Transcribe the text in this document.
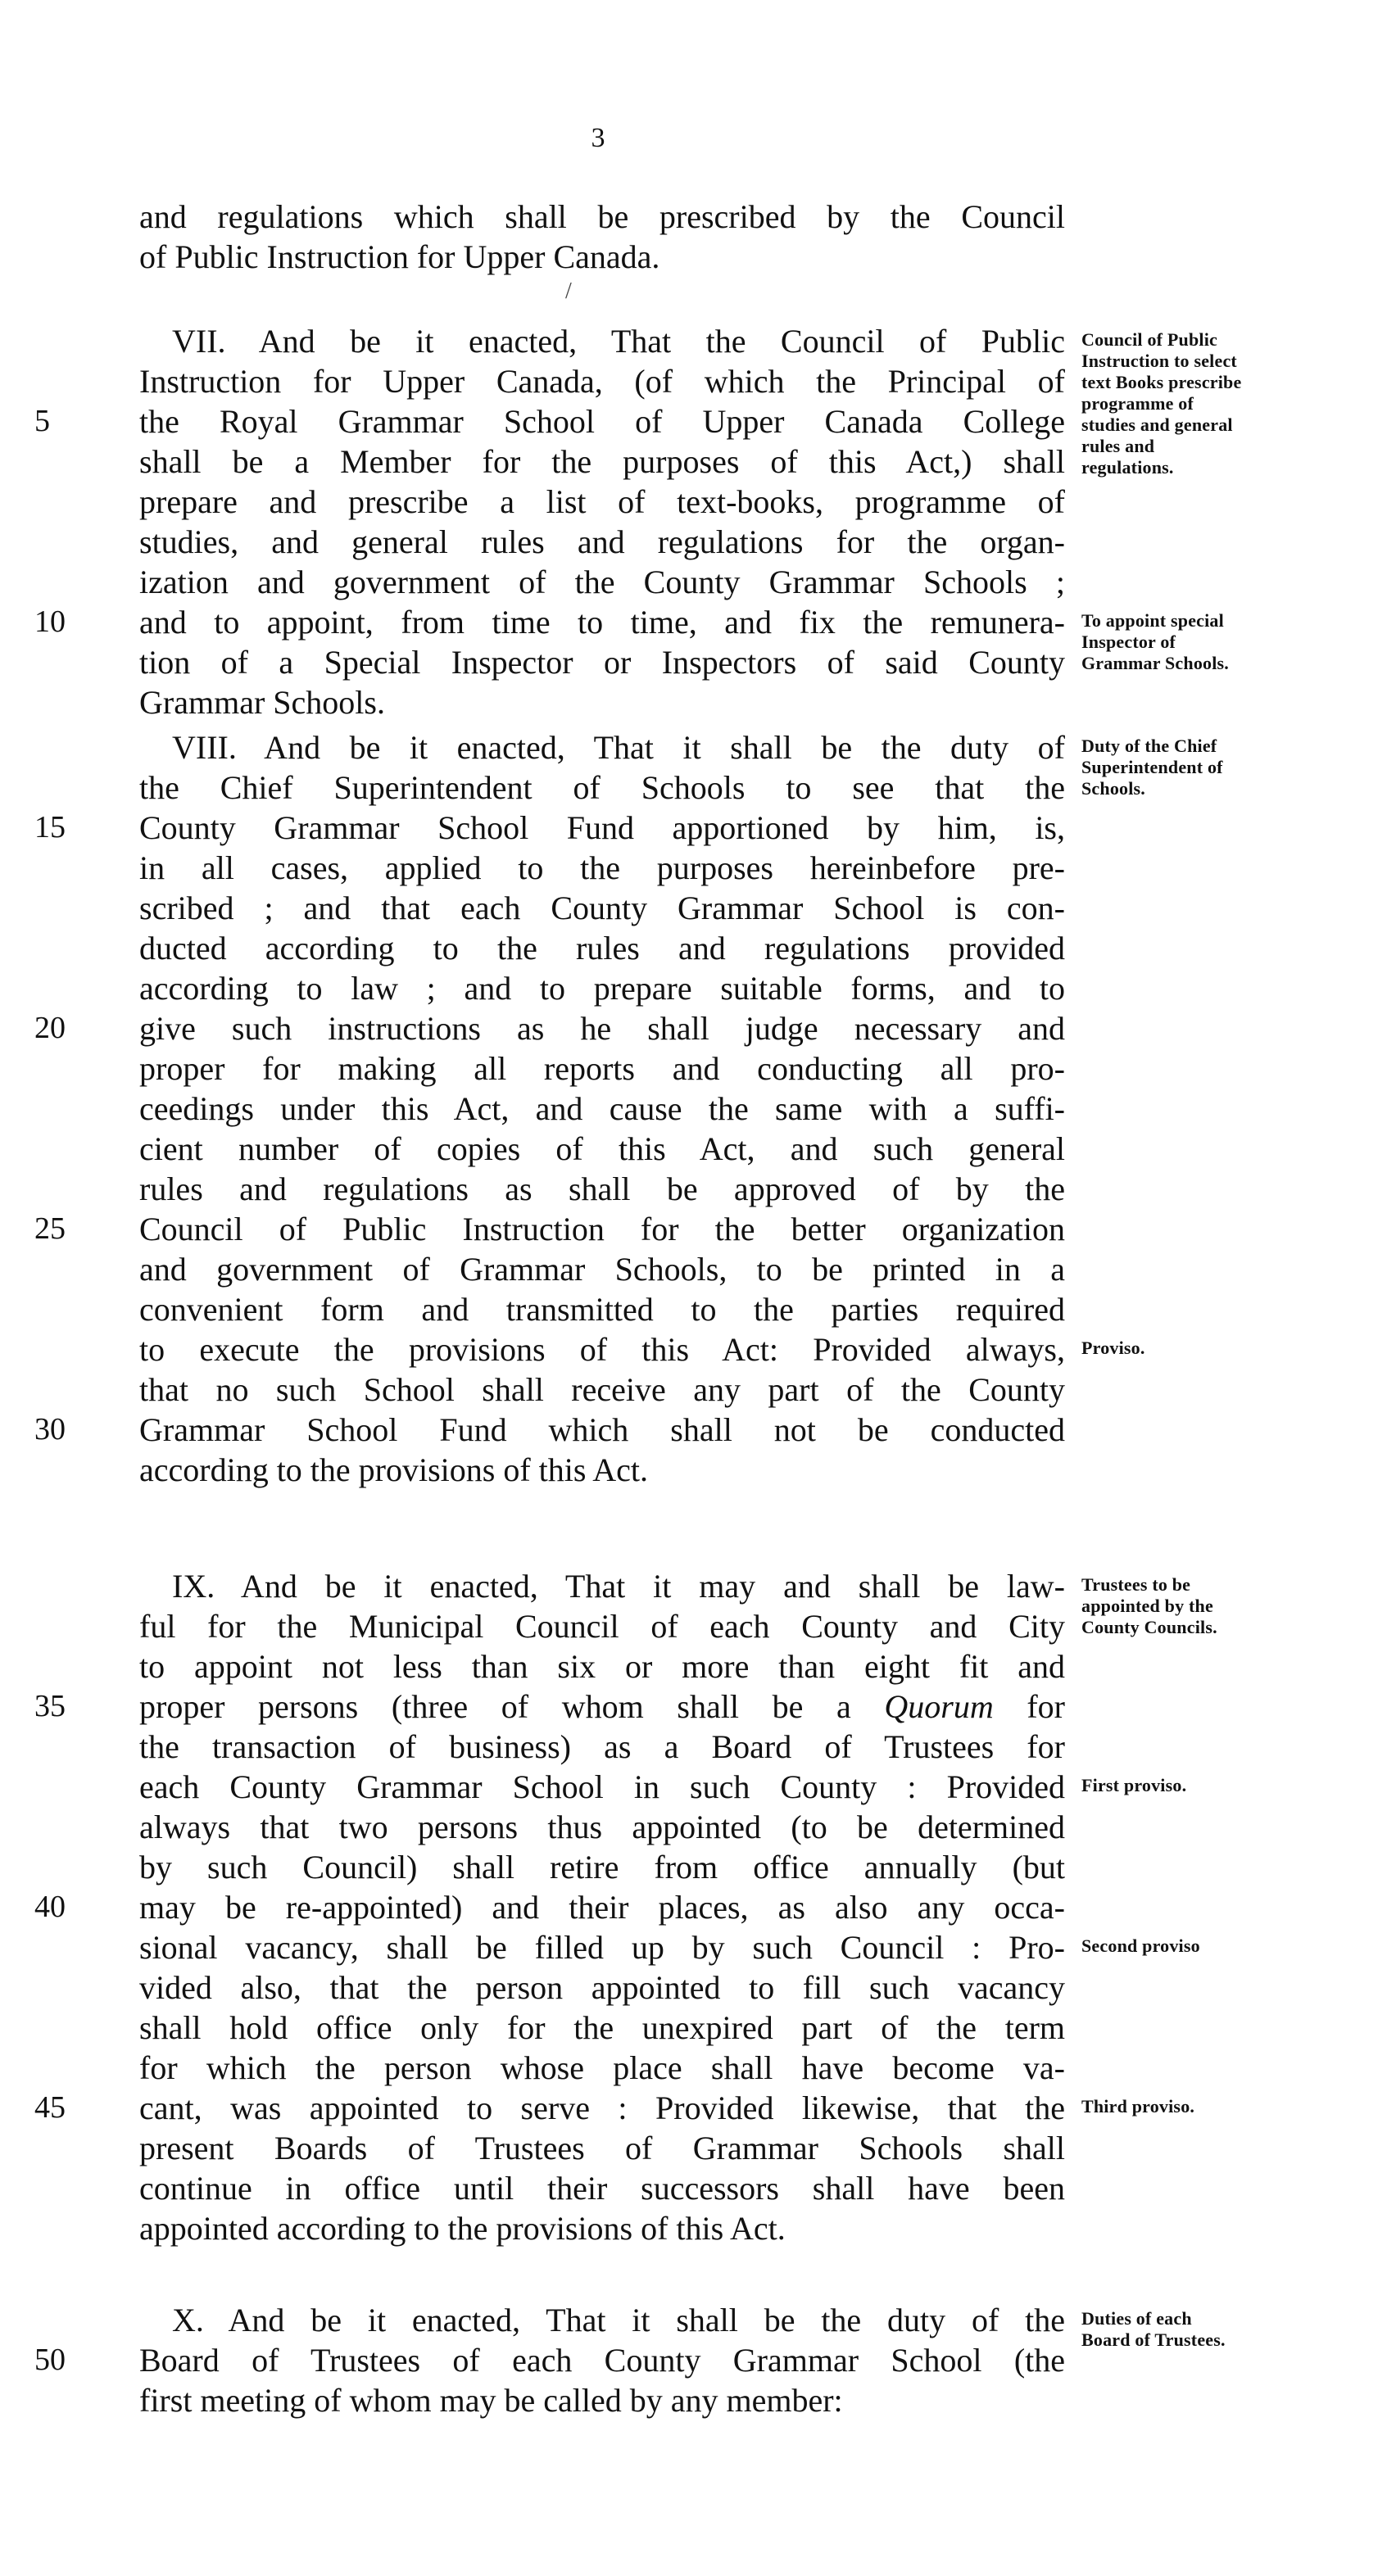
3
and regulations which shall be prescribed by the Council
of Public Instruction for Upper Canada.
/
VII. And be it enacted, That the Council of Public
Instruction for Upper Canada, (of which the Principal of
the Royal Grammar School of Upper Canada College
5
shall be a Member for the purposes of this Act,) shall
prepare and prescribe a list of text-books, programme of
studies, and general rules and regulations for the organ-
ization and government of the County Grammar Schools ;
and to appoint, from time to time, and fix the remunera-
10
tion of a Special Inspector or Inspectors of said County
Grammar Schools.
Council of Public Instruction to select text Books prescribe programme of studies and general rules and regulations.
To appoint special Inspector of Grammar Schools.
VIII. And be it enacted, That it shall be the duty of
the Chief Superintendent of Schools to see that the
County Grammar School Fund apportioned by him, is,
15
in all cases, applied to the purposes hereinbefore pre-
scribed ; and that each County Grammar School is con-
ducted according to the rules and regulations provided
according to law ; and to prepare suitable forms, and to
give such instructions as he shall judge necessary and
20
proper for making all reports and conducting all pro-
ceedings under this Act, and cause the same with a suffi-
cient number of copies of this Act, and such general
rules and regulations as shall be approved of by the
Council of Public Instruction for the better organization
25
and government of Grammar Schools, to be printed in a
convenient form and transmitted to the parties required
to execute the provisions of this Act: Provided always,
that no such School shall receive any part of the County
Grammar School Fund which shall not be conducted
30
according to the provisions of this Act.
Duty of the Chief Superintendent of Schools.
Proviso.
IX. And be it enacted, That it may and shall be law-
ful for the Municipal Council of each County and City
to appoint not less than six or more than eight fit and
proper persons (three of whom shall be a Quorum for
35
the transaction of business) as a Board of Trustees for
each County Grammar School in such County : Provided
always that two persons thus appointed (to be determined
by such Council) shall retire from office annually (but
may be re-appointed) and their places, as also any occa-
40
sional vacancy, shall be filled up by such Council : Pro-
vided also, that the person appointed to fill such vacancy
shall hold office only for the unexpired part of the term
for which the person whose place shall have become va-
cant, was appointed to serve : Provided likewise, that the
45
present Boards of Trustees of Grammar Schools shall
continue in office until their successors shall have been
appointed according to the provisions of this Act.
Trustees to be appointed by the County Councils.
First proviso.
Second proviso
Third proviso.
X. And be it enacted, That it shall be the duty of the
Board of Trustees of each County Grammar School (the
50
first meeting of whom may be called by any member:
Duties of each Board of Trustees.
